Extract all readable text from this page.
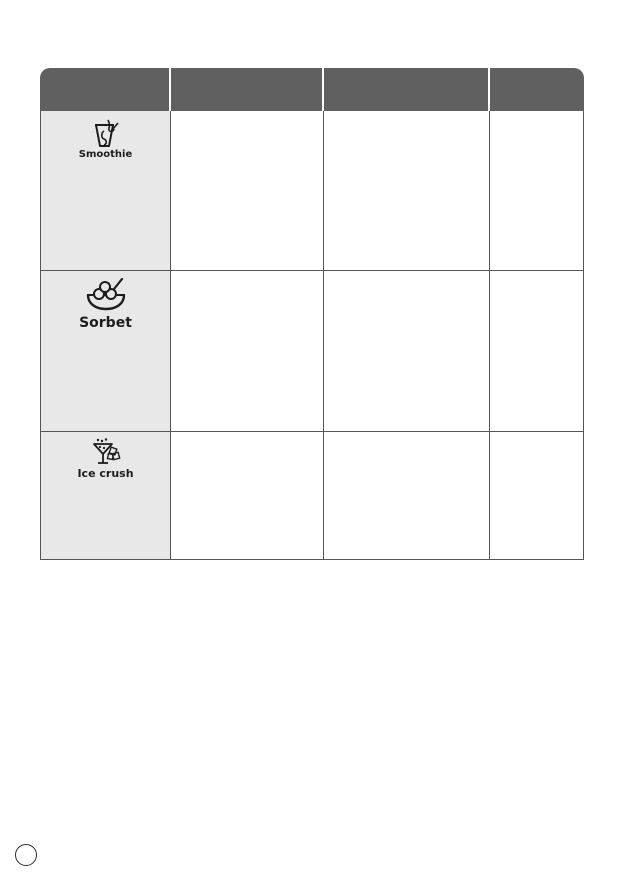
Smoothie
Sorbet
Ice crush
